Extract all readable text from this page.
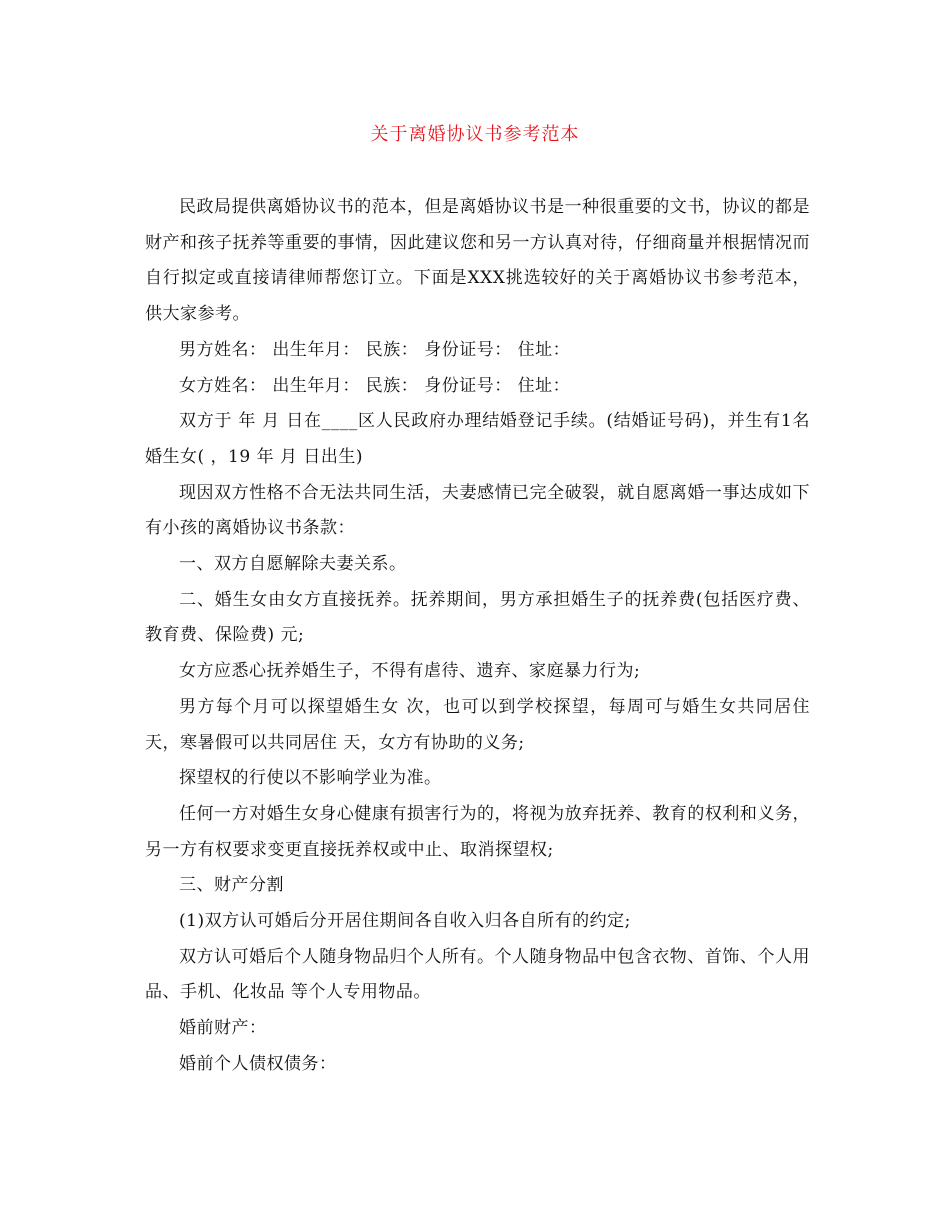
关于离婚协议书参考范本

民政局提供离婚协议书的范本，但是离婚协议书是一种很重要的文书，协议的都是财产和孩子抚养等重要的事情，因此建议您和另一方认真对待，仔细商量并根据情况而自行拟定或直接请律师帮您订立。下面是XXX挑选较好的关于离婚协议书参考范本，供大家参考。

男方姓名： 出生年月： 民族： 身份证号： 住址：

女方姓名： 出生年月： 民族： 身份证号： 住址：

双方于 年 月 日在____区人民政府办理结婚登记手续。(结婚证号码)，并生有1名婚生女( ，19 年 月 日出生)

现因双方性格不合无法共同生活，夫妻感情已完全破裂，就自愿离婚一事达成如下有小孩的离婚协议书条款：

一、双方自愿解除夫妻关系。

二、婚生女由女方直接抚养。抚养期间，男方承担婚生子的抚养费(包括医疗费、教育费、保险费) 元;

女方应悉心抚养婚生子，不得有虐待、遗弃、家庭暴力行为;

男方每个月可以探望婚生女 次，也可以到学校探望，每周可与婚生女共同居住 天，寒暑假可以共同居住 天，女方有协助的义务;

探望权的行使以不影响学业为准。

任何一方对婚生女身心健康有损害行为的，将视为放弃抚养、教育的权利和义务，另一方有权要求变更直接抚养权或中止、取消探望权;

三、财产分割

(1)双方认可婚后分开居住期间各自收入归各自所有的约定;

双方认可婚后个人随身物品归个人所有。个人随身物品中包含衣物、首饰、个人用品、手机、化妆品 等个人专用物品。

婚前财产：

婚前个人债权债务：
